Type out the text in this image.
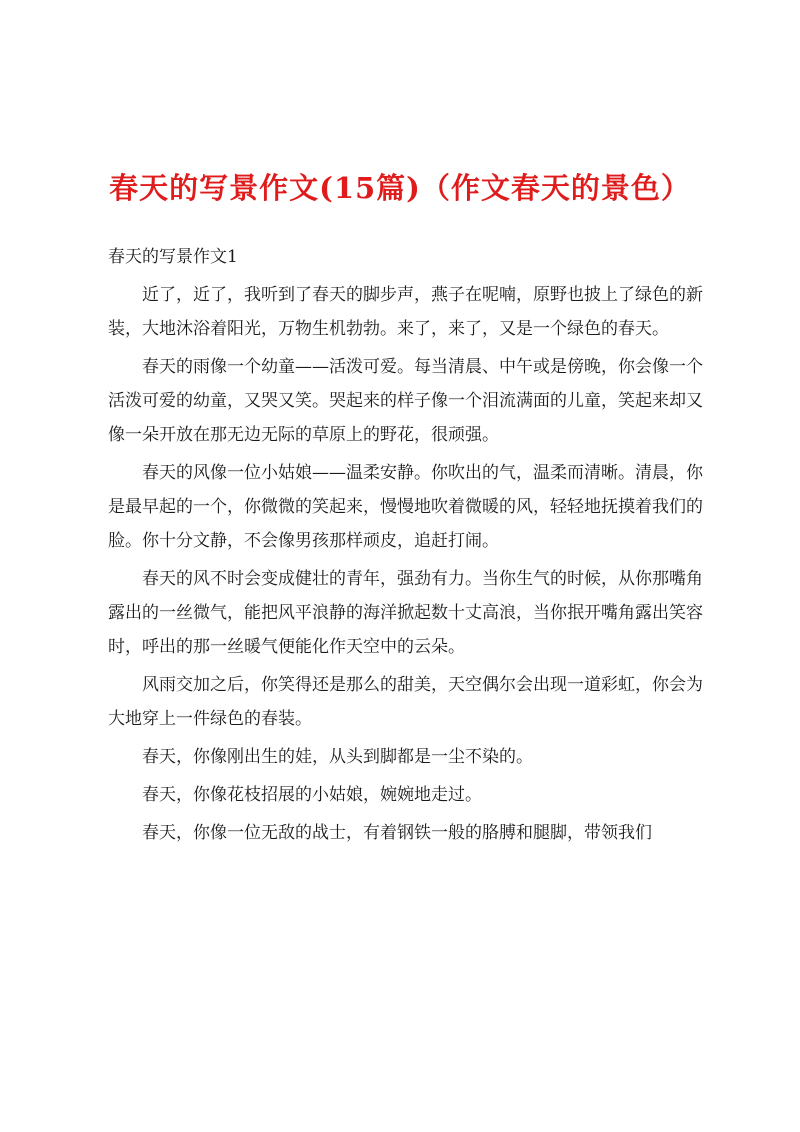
春天的写景作文(15篇)（作文春天的景色）

春天的写景作文1

近了，近了，我听到了春天的脚步声，燕子在呢喃，原野也披上了绿色的新装，大地沐浴着阳光，万物生机勃勃。来了，来了，又是一个绿色的春天。

春天的雨像一个幼童——活泼可爱。每当清晨、中午或是傍晚，你会像一个活泼可爱的幼童，又哭又笑。哭起来的样子像一个泪流满面的儿童，笑起来却又像一朵开放在那无边无际的草原上的野花，很顽强。

春天的风像一位小姑娘——温柔安静。你吹出的气，温柔而清晰。清晨，你是最早起的一个，你微微的笑起来，慢慢地吹着微暖的风，轻轻地抚摸着我们的脸。你十分文静，不会像男孩那样顽皮，追赶打闹。

春天的风不时会变成健壮的青年，强劲有力。当你生气的时候，从你那嘴角露出的一丝微气，能把风平浪静的海洋掀起数十丈高浪，当你抿开嘴角露出笑容时，呼出的那一丝暖气便能化作天空中的云朵。

风雨交加之后，你笑得还是那么的甜美，天空偶尔会出现一道彩虹，你会为大地穿上一件绿色的春装。

春天，你像刚出生的娃，从头到脚都是一尘不染的。

春天，你像花枝招展的小姑娘，婉婉地走过。

春天，你像一位无敌的战士，有着钢铁一般的胳膊和腿脚，带领我们
